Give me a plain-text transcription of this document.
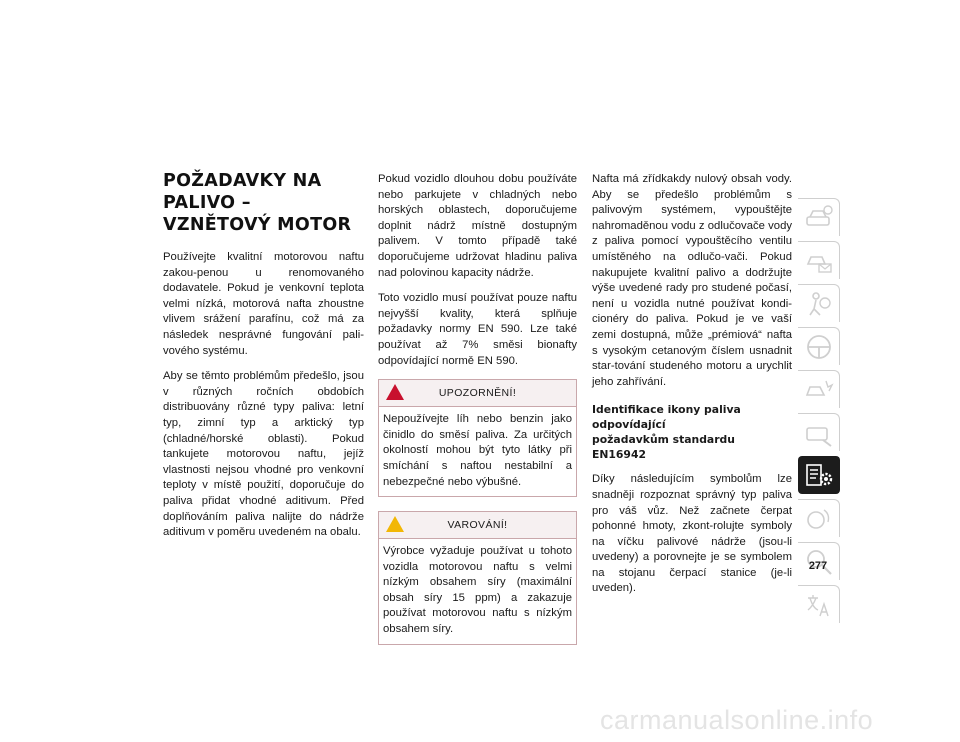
POŽADAVKY NA PALIVO –
VZNĚTOVÝ MOTOR

Používejte kvalitní motorovou naftu zakou-penou u renomovaného dodavatele. Pokud je venkovní teplota velmi nízká, motorová nafta zhoustne vlivem srážení parafínu, což má za následek nesprávné fungování pali-vového systému.

Aby se těmto problémům předešlo, jsou v různých ročních obdobích distribuovány různé typy paliva: letní typ, zimní typ a arktický typ (chladné/horské oblasti). Pokud tankujete motorovou naftu, jejíž vlastnosti nejsou vhodné pro venkovní teploty v místě použití, doporučuje do paliva přidat vhodné aditivum. Před doplňováním paliva nalijte do nádrže aditivum v poměru uvedeném na obalu.

Pokud vozidlo dlouhou dobu používáte nebo parkujete v chladných nebo horských oblastech, doporučujeme doplnit nádrž místně dostupným palivem. V tomto případě také doporučujeme udržovat hladinu paliva nad polovinou kapacity nádrže.

Toto vozidlo musí používat pouze naftu nejvyšší kvality, která splňuje požadavky normy EN 590. Lze také používat až 7% směsi bionafty odpovídající normě EN 590.

UPOZORNĚNÍ!

Nepoužívejte líh nebo benzin jako činidlo do směsí paliva. Za určitých okolností mohou být tyto látky při smíchání s naftou nestabilní a nebezpečné nebo výbušné.

VAROVÁNÍ!

Výrobce vyžaduje používat u tohoto vozidla motorovou naftu s velmi nízkým obsahem síry (maximální obsah síry 15 ppm) a zakazuje používat motorovou naftu s nízkým obsahem síry.

Nafta má zřídkakdy nulový obsah vody. Aby se předešlo problémům s palivovým systémem, vypouštějte nahromaděnou vodu z odlučovače vody z paliva pomocí vypouštěcího ventilu umístěného na odlučo-vači. Pokud nakupujete kvalitní palivo a dodržujte výše uvedené rady pro studené počasí, není u vozidla nutné používat kondi-cionéry do paliva. Pokud je ve vaší zemi dostupná, může „prémiová“ nafta s vysokým cetanovým číslem usnadnit star-tování studeného motoru a urychlit jeho zahřívání.

Identifikace ikony paliva odpovídající
požadavkům standardu EN16942

Díky následujícím symbolům lze snadněji rozpoznat správný typ paliva pro váš vůz. Než začnete čerpat pohonné hmoty, zkont-rolujte symboly na víčku palivové nádrže (jsou-li uvedeny) a porovnejte je se symbolem na stojanu čerpací stanice (je-li uveden).

277
carmanualsonline.info
